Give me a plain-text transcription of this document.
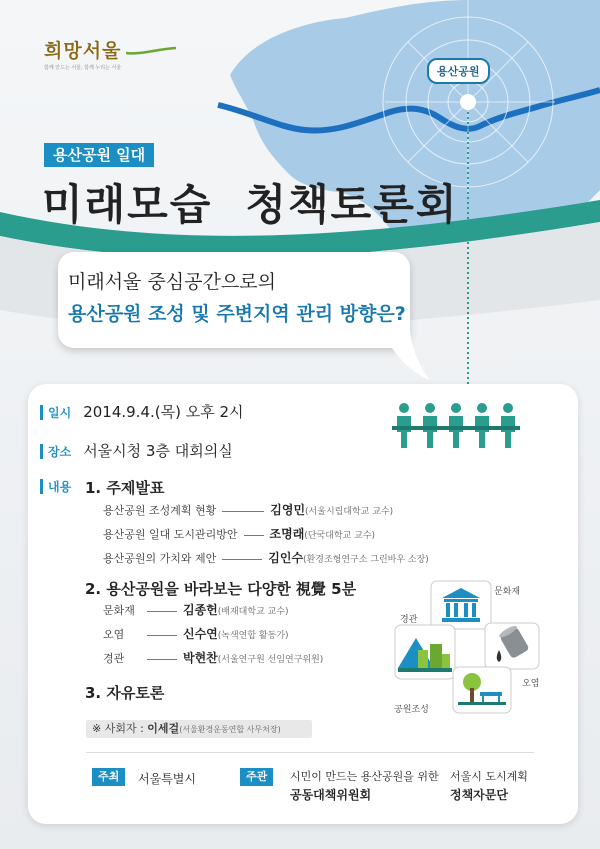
희망서울
함께 만드는 서울, 함께 누리는 서울	용산공원
용산공원 일대
미래모습  청책토론회
미래서울 중심공간으로의
용산공원 조성 및 주변지역 관리 방향은?
일시 2014.9.4.(목) 오후 2시
장소 서울시청 3층 대회의실
내용 1. 주제발표
용산공원 조성계획 현황	김영민(서울시립대학교 교수)
용산공원 일대 도시관리방안	조명래(단국대학교 교수)
용산공원의 가치와 제안	김인수(환경조형연구소 그린바우 소장)
2. 용산공원을 바라보는 다양한 視覺 5분
문화재	김종헌(배재대학교 교수)
오염	신수연(녹색연합 활동가)
경관	박현찬(서울연구원 선임연구위원)
3. 자유토론
※ 사회자 : 이세걸(서울환경운동연합 사무처장)
문화재
경관
오염
공원조성
주최	서울특별시	주관	시민이 만드는 용산공원을 위한
공동대책위원회
서울시 도시계획
정책자문단
